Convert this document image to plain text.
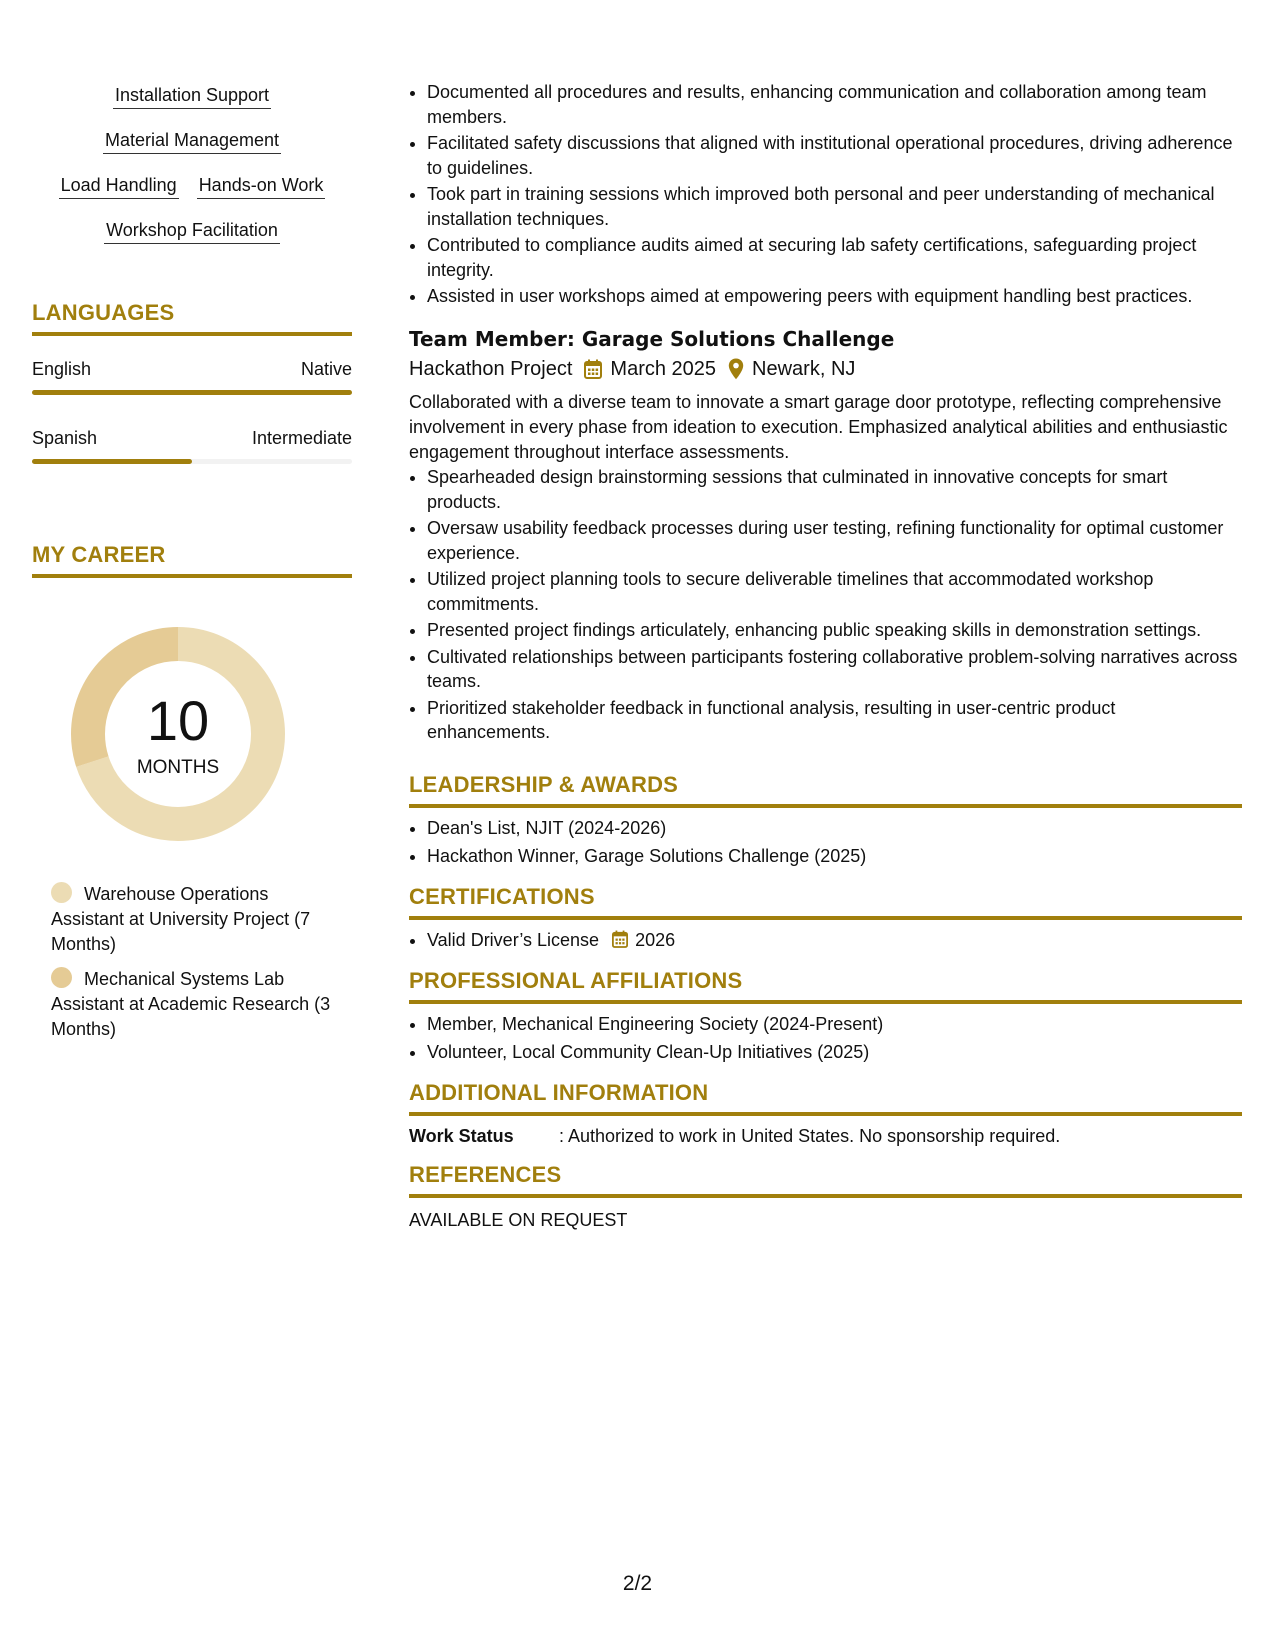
Installation Support
Material Management
Load Handling Hands-on Work
Workshop Facilitation
LANGUAGES
English	Native
Spanish	Intermediate
MY CAREER
10
MONTHS
Warehouse Operations Assistant at University Project (7 Months)
Mechanical Systems Lab Assistant at Academic Research (3 Months)
• Documented all procedures and results, enhancing communication and collaboration among team members.
• Facilitated safety discussions that aligned with institutional operational procedures, driving adherence to guidelines.
• Took part in training sessions which improved both personal and peer understanding of mechanical installation techniques.
• Contributed to compliance audits aimed at securing lab safety certifications, safeguarding project integrity.
• Assisted in user workshops aimed at empowering peers with equipment handling best practices.
Team Member: Garage Solutions Challenge
Hackathon Project March 2025 Newark, NJ
Collaborated with a diverse team to innovate a smart garage door prototype, reflecting comprehensive involvement in every phase from ideation to execution. Emphasized analytical abilities and enthusiastic engagement throughout interface assessments.
• Spearheaded design brainstorming sessions that culminated in innovative concepts for smart products.
• Oversaw usability feedback processes during user testing, refining functionality for optimal customer experience.
• Utilized project planning tools to secure deliverable timelines that accommodated workshop commitments.
• Presented project findings articulately, enhancing public speaking skills in demonstration settings.
• Cultivated relationships between participants fostering collaborative problem-solving narratives across teams.
• Prioritized stakeholder feedback in functional analysis, resulting in user-centric product enhancements.
LEADERSHIP & AWARDS
• Dean's List, NJIT (2024-2026)
• Hackathon Winner, Garage Solutions Challenge (2025)
CERTIFICATIONS
• Valid Driver’s License 2026
PROFESSIONAL AFFILIATIONS
• Member, Mechanical Engineering Society (2024-Present)
• Volunteer, Local Community Clean-Up Initiatives (2025)
ADDITIONAL INFORMATION
Work Status	: Authorized to work in United States. No sponsorship required.
REFERENCES
AVAILABLE ON REQUEST
2/2
